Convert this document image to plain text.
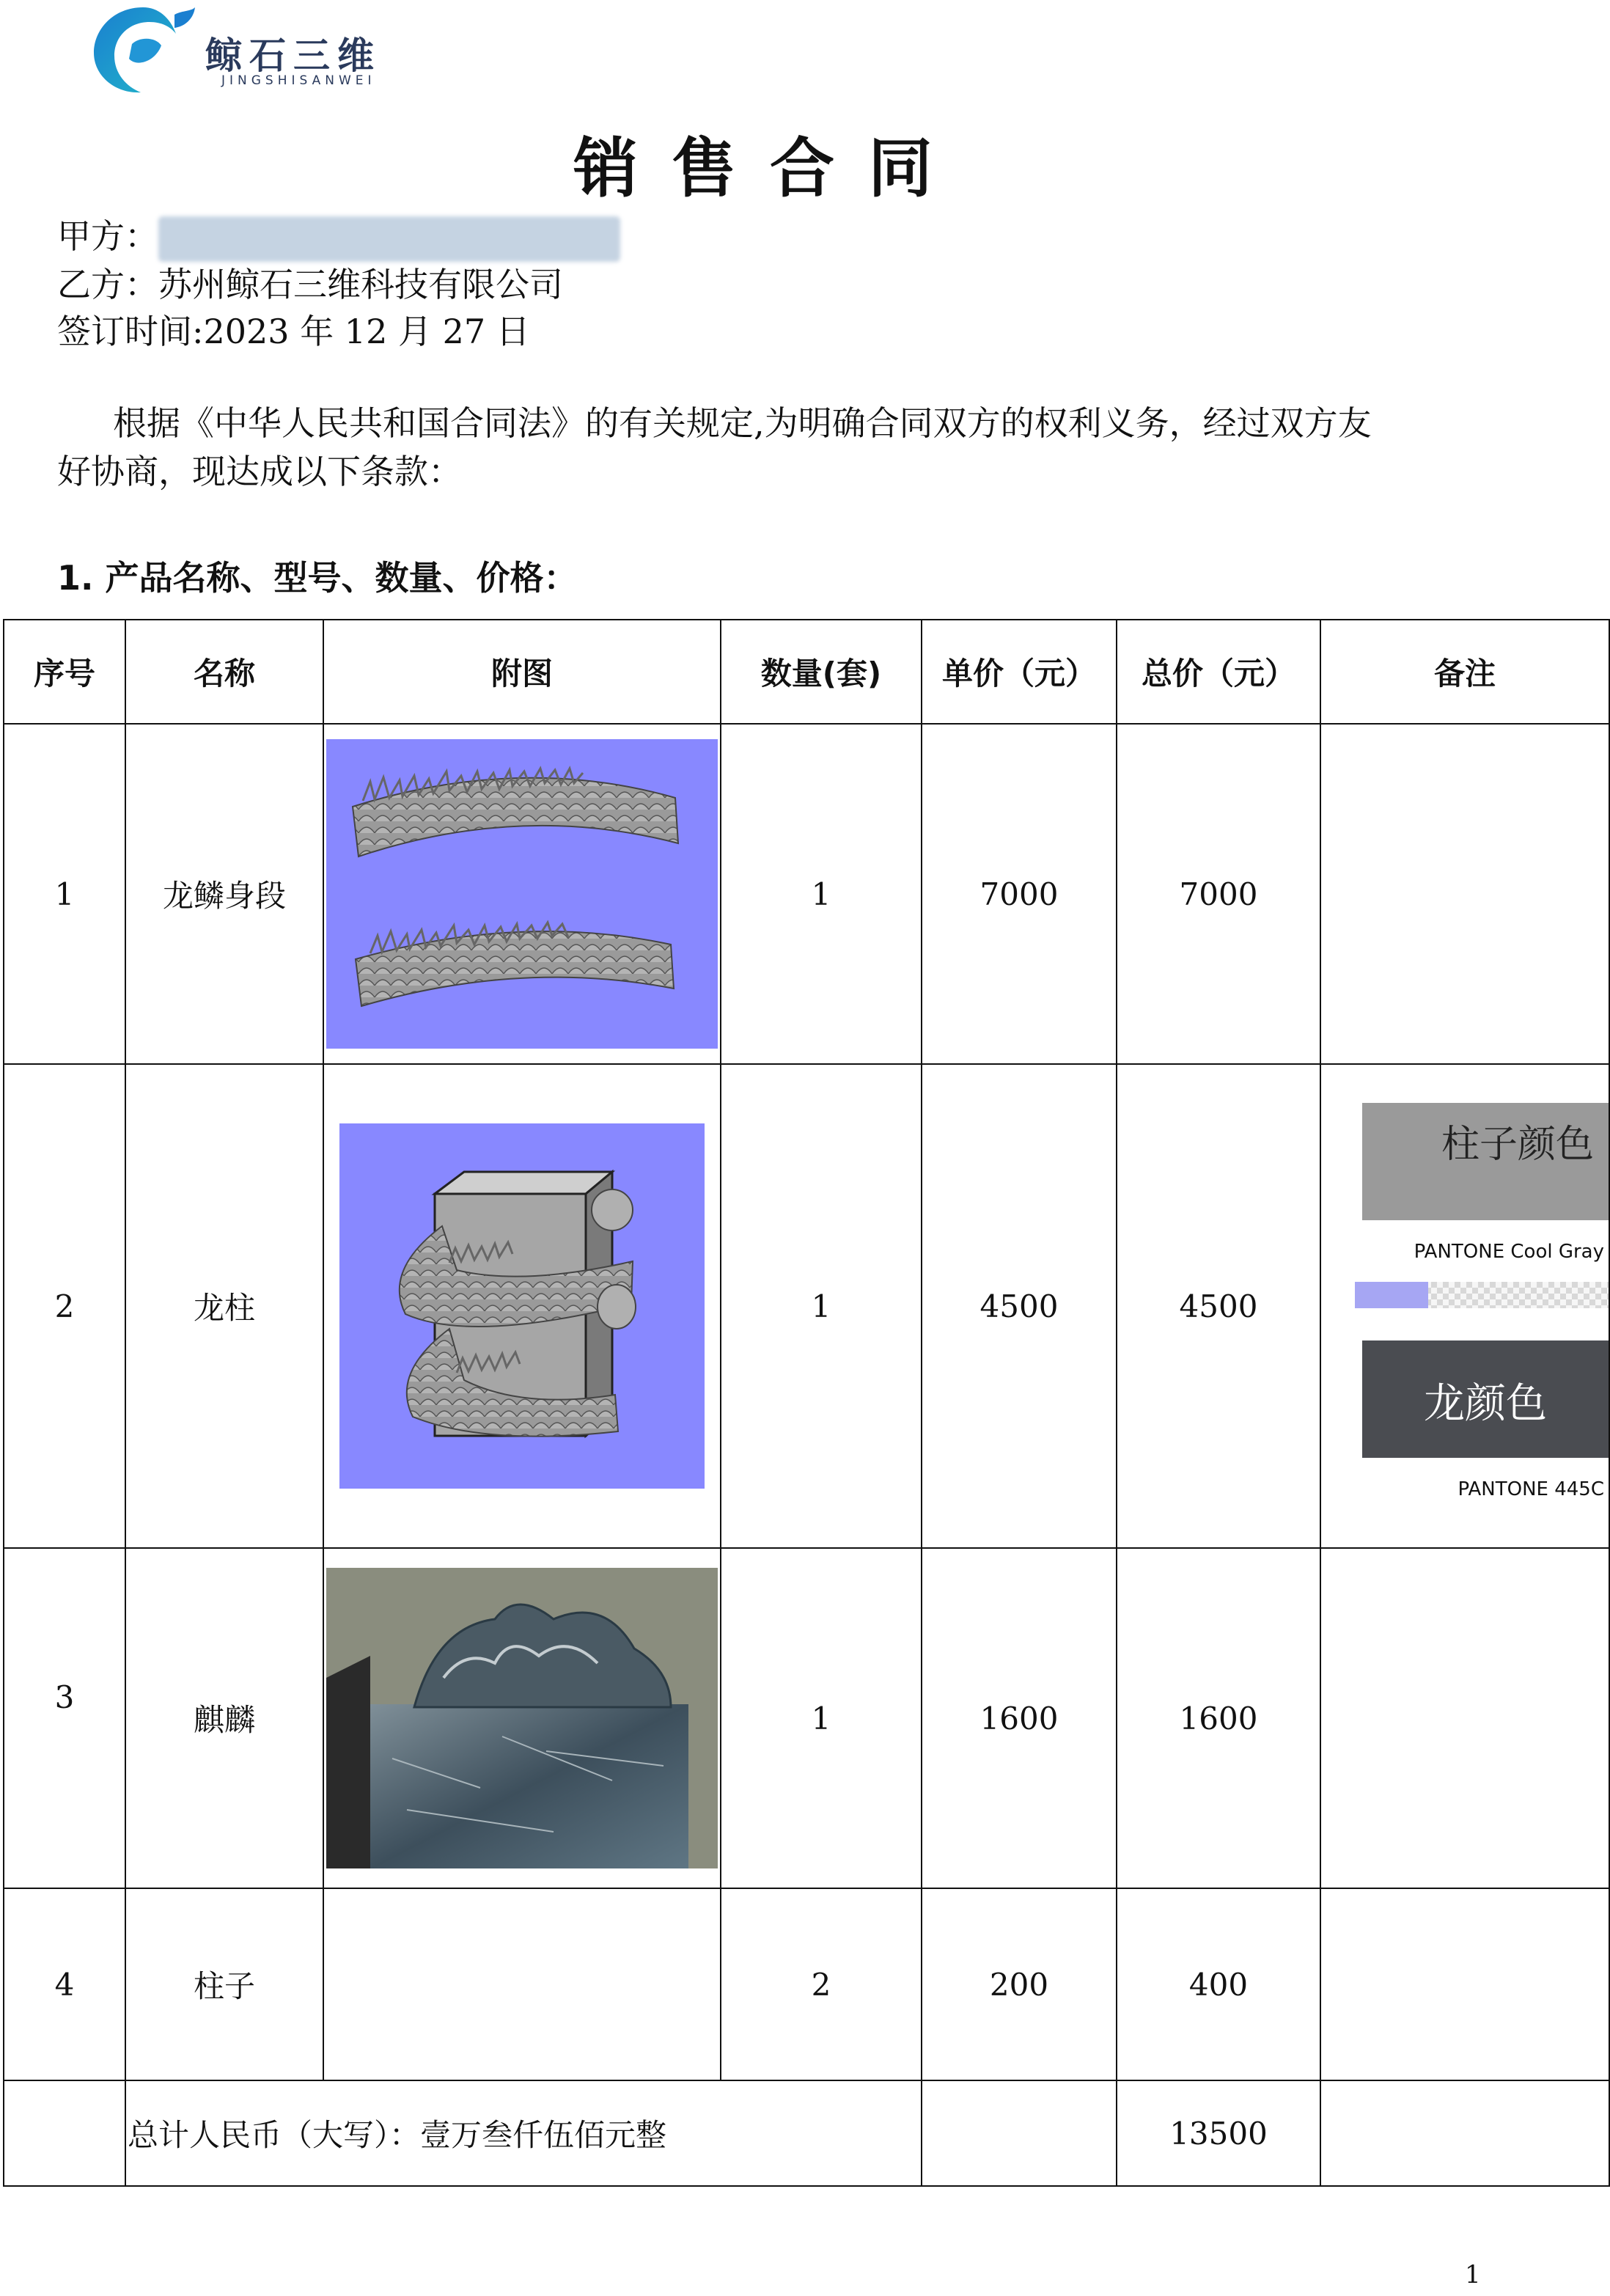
鲸石三维
JINGSHISANWEI
销售合同
甲方：
乙方：苏州鲸石三维科技有限公司
签订时间:2023 年 12 月 27 日
根据《中华人民共和国合同法》的有关规定,为明确合同双方的权利义务，经过双方友
好协商，现达成以下条款：
1. 产品名称、型号、数量、价格：
序号	名称	附图	数量(套)	单价（元）	总价（元）	备注
1	龙鳞身段		1	7000	7000	
2	龙柱		1	4500	4500	柱子颜色
PANTONE Cool Gray
龙颜色
PANTONE 445C

3	麒麟		1	1600	1600	
4	柱子		2	200	400	
	总计人民币（大写）：壹万叁仟伍佰元整				13500	
1
